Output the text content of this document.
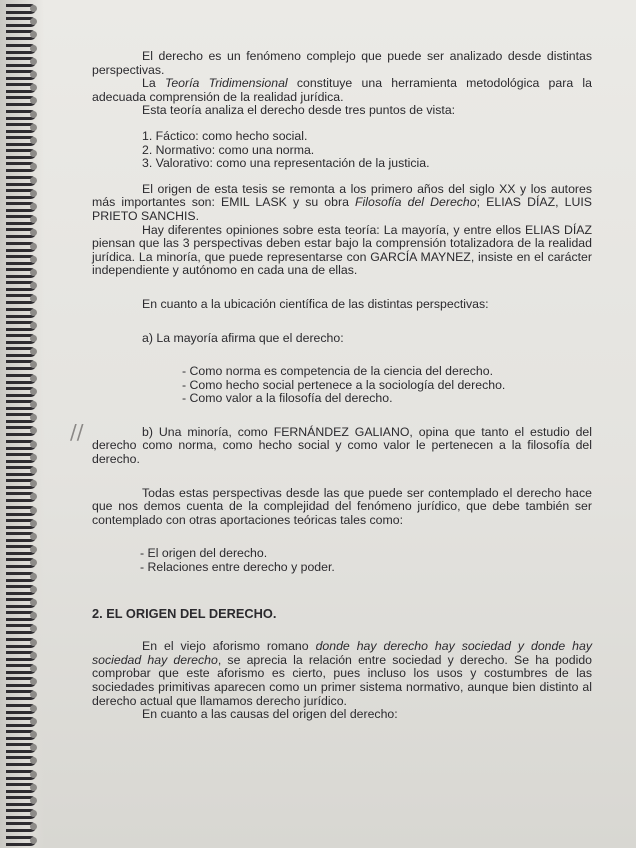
//

El derecho es un fenómeno complejo que puede ser analizado desde distintas perspectivas.

La Teoría Tridimensional constituye una herramienta metodológica para la adecuada comprensión de la realidad jurídica.

Esta teoría analiza el derecho desde tres puntos de vista:

1. Fáctico: como hecho social.

2. Normativo: como una norma.

3. Valorativo: como una representación de la justicia.

El origen de esta tesis se remonta a los primero años del siglo XX y los autores más importantes son: EMIL LASK y su obra Filosofía del Derecho; ELIAS DÍAZ, LUIS PRIETO SANCHIS.

Hay diferentes opiniones sobre esta teoría: La mayoría, y entre ellos ELIAS DÍAZ piensan que las 3 perspectivas deben estar bajo la comprensión totalizadora de la realidad jurídica. La minoría, que puede representarse con GARCÍA MAYNEZ, insiste en el carácter independiente y autónomo en cada una de ellas.

En cuanto a la ubicación científica de las distintas perspectivas:

a) La mayoría afirma que el derecho:

- Como norma es competencia de la ciencia del derecho.

- Como hecho social pertenece a la sociología del derecho.

- Como valor a la filosofía del derecho.

b) Una minoría, como FERNÁNDEZ GALIANO, opina que tanto el estudio del derecho como norma, como hecho social y como valor le pertenecen a la filosofía del derecho.

Todas estas perspectivas desde las que puede ser contemplado el derecho hace que nos demos cuenta de la complejidad del fenómeno jurídico, que debe también ser contemplado con otras aportaciones teóricas tales como:

- El origen del derecho.

- Relaciones entre derecho y poder.

2. EL ORIGEN DEL DERECHO.

En el viejo aforismo romano donde hay derecho hay sociedad y donde hay sociedad hay derecho, se aprecia la relación entre sociedad y derecho. Se ha podido comprobar que este aforismo es cierto, pues incluso los usos y costumbres de las sociedades primitivas aparecen como un primer sistema normativo, aunque bien distinto al derecho actual que llamamos derecho jurídico.

En cuanto a las causas del origen del derecho:
